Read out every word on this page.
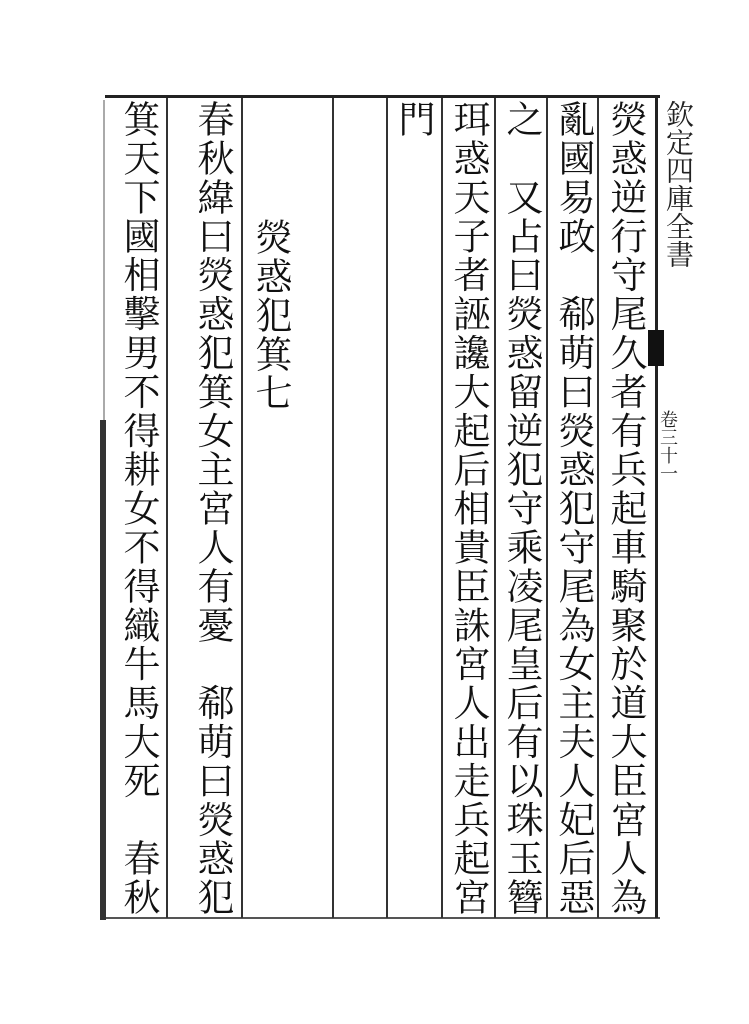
欽定四庫全書
卷三十一
熒惑逆行守尾久者有兵起車騎聚於道大臣宮人為
亂國易政　郗萌曰熒惑犯守尾為女主夫人妃后惡
之　又占曰熒惑留逆犯守乘凌尾皇后有以珠玉簪
珥惑天子者誣讒大起后相貴臣誅宮人出走兵起宮
門
熒惑犯箕七
春秋緯曰熒惑犯箕女主宮人有憂　郗萌曰熒惑犯
箕天下國相擊男不得耕女不得織牛馬大死　春秋
